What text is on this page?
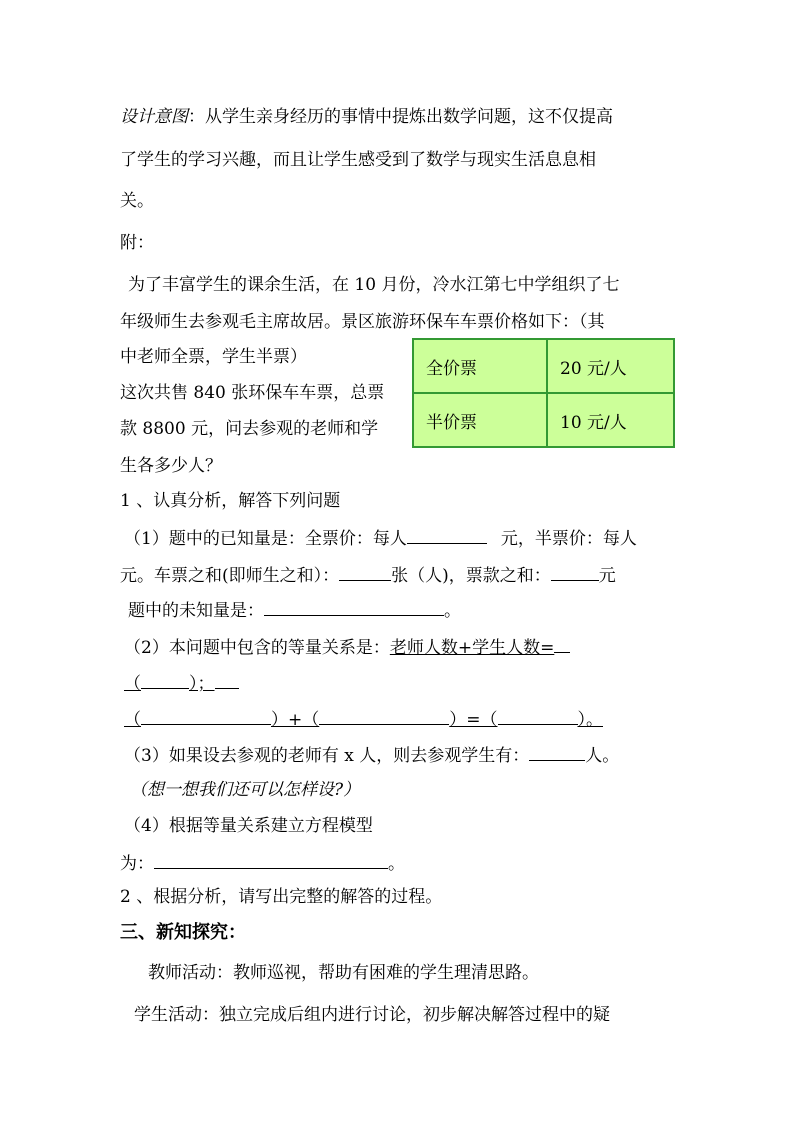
设计意图：从学生亲身经历的事情中提炼出数学问题，这不仅提高
了学生的学习兴趣，而且让学生感受到了数学与现实生活息息相
关。
附：
为了丰富学生的课余生活，在 10 月份，冷水江第七中学组织了七
年级师生去参观毛主席故居。景区旅游环保车车票价格如下：（其
中老师全票，学生半票）
这次共售 840 张环保车车票，总票
款 8800 元，问去参观的老师和学
生各多少人？
全价票	20 元/人
半价票	10 元/人
1 、认真分析，解答下列问题
（1）题中的已知量是：全票价：每人	元，半票价：每人
元。车票之和(即师生之和）：	张（人)，票款之和：	元
题中的未知量是：	。
（2）本问题中包含的等量关系是：老师人数+学生人数=
（	）；
（	）+（	）=（	）。
（3）如果设去参观的老师有 x 人，则去参观学生有：	人。
（想一想我们还可以怎样设?）
（4）根据等量关系建立方程模型
为：	。
2 、根据分析，请写出完整的解答的过程。
三、新知探究：
教师活动：教师巡视，帮助有困难的学生理清思路。
学生活动：独立完成后组内进行讨论，初步解决解答过程中的疑
